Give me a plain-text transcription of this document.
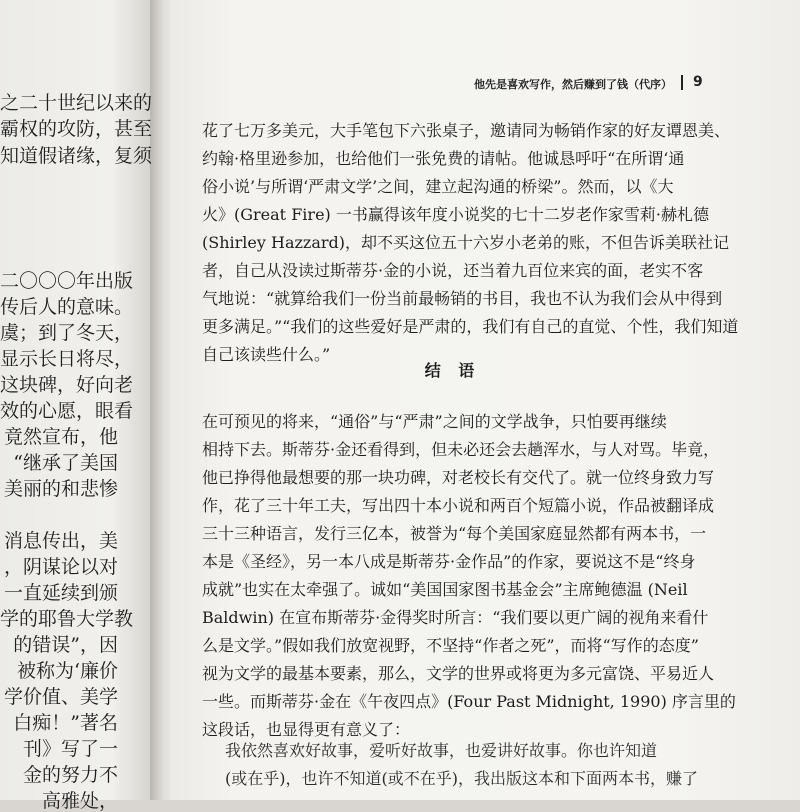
之二十世纪以来的
霸权的攻防，甚至
知道假诸缘，复须
二〇〇〇年出版
传后人的意味。
虞；到了冬天，
显示长日将尽，
这块碑，好向老
效的心愿，眼看
竟然宣布，他
“继承了美国
美丽的和悲惨
消息传出，美
，阴谋论以对
一直延续到颁
学的耶鲁大学教
的错误”，因
被称为‘廉价
学价值、美学
白痴！”著名
刊》写了一
金的努力不
高雅处，
他先是喜欢写作，然后赚到了钱（代序） 9
花了七万多美元，大手笔包下六张桌子，邀请同为畅销作家的好友谭恩美、
约翰·格里逊参加，也给他们一张免费的请帖。他诚恳呼吁“在所谓‘通
俗小说’与所谓‘严肃文学’之间，建立起沟通的桥梁”。然而，以《大
火》(Great Fire) 一书赢得该年度小说奖的七十二岁老作家雪莉·赫札德
(Shirley Hazzard)，却不买这位五十六岁小老弟的账，不但告诉美联社记
者，自己从没读过斯蒂芬·金的小说，还当着九百位来宾的面，老实不客
气地说：“就算给我们一份当前最畅销的书目，我也不认为我们会从中得到
更多满足。”“我们的这些爱好是严肃的，我们有自己的直觉、个性，我们知道
自己该读些什么。”
结 语
在可预见的将来，“通俗”与“严肃”之间的文学战争，只怕要再继续
相持下去。斯蒂芬·金还看得到，但未必还会去趟浑水，与人对骂。毕竟，
他已挣得他最想要的那一块功碑，对老校长有交代了。就一位终身致力写
作，花了三十年工夫，写出四十本小说和两百个短篇小说，作品被翻译成
三十三种语言，发行三亿本，被誉为“每个美国家庭显然都有两本书，一
本是《圣经》，另一本八成是斯蒂芬·金作品”的作家，要说这不是“终身
成就”也实在太牵强了。诚如“美国国家图书基金会”主席鲍德温 (Neil
Baldwin) 在宣布斯蒂芬·金得奖时所言：“我们要以更广阔的视角来看什
么是文学。”假如我们放宽视野，不坚持“作者之死”，而将“写作的态度”
视为文学的最基本要素，那么，文学的世界或将更为多元富饶、平易近人
一些。而斯蒂芬·金在《午夜四点》(Four Past Midnight, 1990) 序言里的
这段话，也显得更有意义了：
我依然喜欢好故事，爱听好故事，也爱讲好故事。你也许知道
(或在乎)，也许不知道(或不在乎)，我出版这本和下面两本书，赚了
